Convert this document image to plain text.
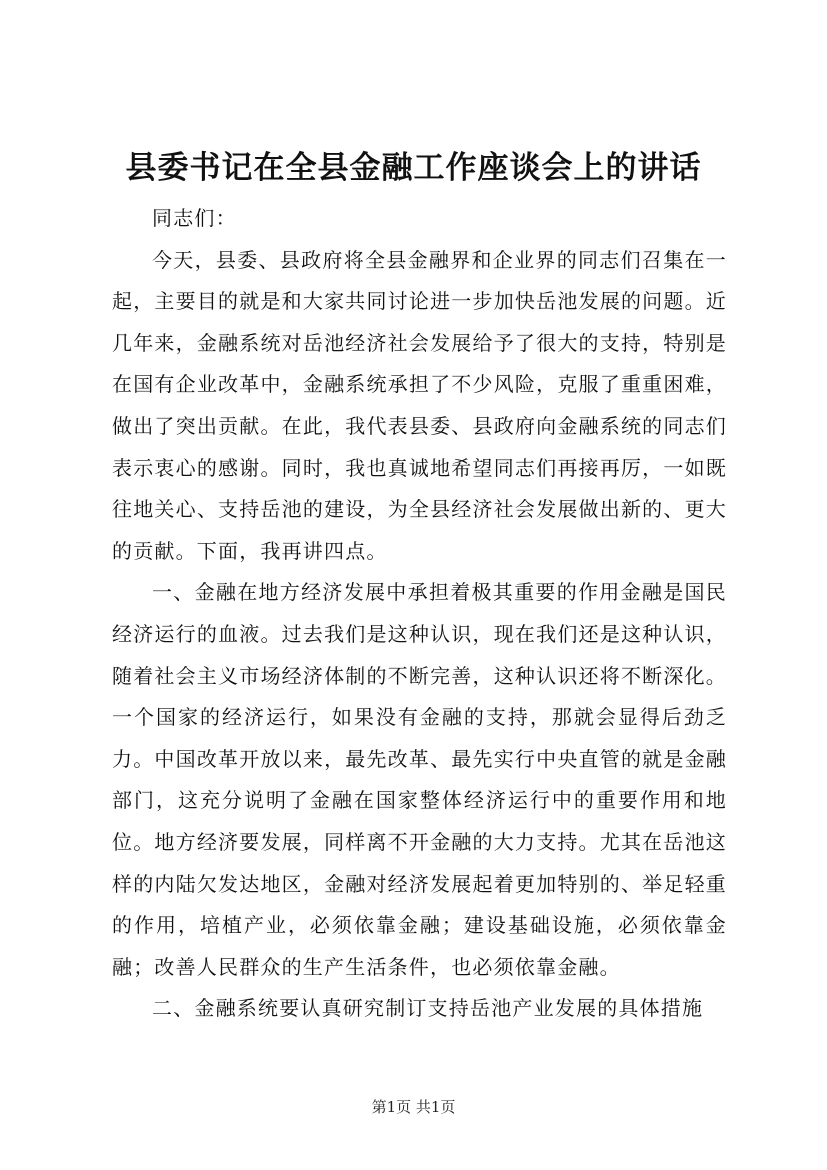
县委书记在全县金融工作座谈会上的讲话

同志们：

今天，县委、县政府将全县金融界和企业界的同志们召集在一起，主要目的就是和大家共同讨论进一步加快岳池发展的问题。近几年来，金融系统对岳池经济社会发展给予了很大的支持，特别是在国有企业改革中，金融系统承担了不少风险，克服了重重困难，做出了突出贡献。在此，我代表县委、县政府向金融系统的同志们表示衷心的感谢。同时，我也真诚地希望同志们再接再厉，一如既往地关心、支持岳池的建设，为全县经济社会发展做出新的、更大的贡献。下面，我再讲四点。

一、金融在地方经济发展中承担着极其重要的作用金融是国民经济运行的血液。过去我们是这种认识，现在我们还是这种认识，随着社会主义市场经济体制的不断完善，这种认识还将不断深化。一个国家的经济运行，如果没有金融的支持，那就会显得后劲乏力。中国改革开放以来，最先改革、最先实行中央直管的就是金融部门，这充分说明了金融在国家整体经济运行中的重要作用和地位。地方经济要发展，同样离不开金融的大力支持。尤其在岳池这样的内陆欠发达地区，金融对经济发展起着更加特别的、举足轻重的作用，培植产业，必须依靠金融；建设基础设施，必须依靠金融；改善人民群众的生产生活条件，也必须依靠金融。

二、金融系统要认真研究制订支持岳池产业发展的具体措施

第1页 共1页
